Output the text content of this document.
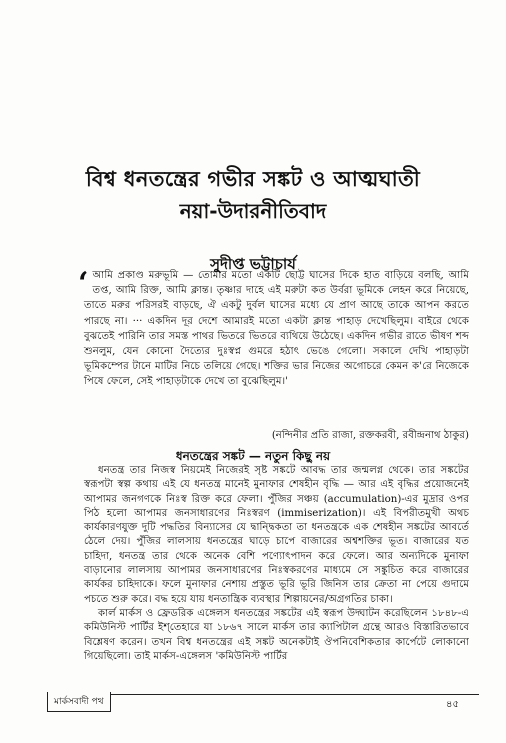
বিশ্ব ধনতন্ত্রের গভীর সঙ্কট ও আত্মঘাতী
নয়া-উদারনীতিবাদ
সুদীপ্ত ভট্টাচার্য
‘ আমি প্রকাণ্ড মরুভূমি — তোমার মতো একটি ছোট্ট ঘাসের দিকে হাত বাড়িয়ে বলছি, আমি তপ্ত, আমি রিক্ত, আমি ক্লান্ত। তৃষ্ণার দাহে এই মরুটা কত উর্বরা ভূমিকে লেহন করে নিয়েছে, তাতে মরুর পরিসরই বাড়ছে, ঐ একটু দুর্বল ঘাসের মধ্যে যে প্রাণ আছে তাকে আপন করতে পারছে না। ··· একদিন দূর দেশে আমারই মতো একটা ক্লান্ত পাহাড় দেখেছিলুম। বাইরে থেকে বুঝতেই পারিনি তার সমস্ত পাথর ভিতরে ভিতরে ব্যথিয়ে উঠেছে। একদিন গভীর রাতে ভীষণ শব্দ শুনলুম, যেন কোনো দৈত্যের দুঃস্বপ্ন গুমরে হঠাৎ ভেঙে গেলো। সকালে দেখি পাহাড়টা ভূমিকম্পের টানে মাটির নিচে তলিয়ে গেছে। শক্তির ভার নিজের অগোচরে কেমন ক'রে নিজেকে পিষে ফেলে, সেই পাহাড়টাকে দেখে তা বুঝেছিলুম।'
(নন্দিনীর প্রতি রাজা, রক্তকরবী, রবীন্দ্রনাথ ঠাকুর)
ধনতন্ত্রের সঙ্কট — নতুন কিছু নয়

ধনতন্ত্র তার নিজস্ব নিয়মেই নিজেরই সৃষ্ট সঙ্কটে আবদ্ধ তার জন্মলগ্ন থেকে। তার সঙ্কটের স্বরূপটা স্বল্প কথায় এই যে ধনতন্ত্র মানেই মুনাফার শেষহীন বৃদ্ধি — আর এই বৃদ্ধির প্রয়োজনেই আপামর জনগণকে নিঃস্ব রিক্ত করে ফেলা। পুঁজির সঞ্চয় (accumulation)-এর মুদ্রার ওপর পিঠ হলো আপামর জনসাধারণের নিঃস্বরণ (immiserization)। এই বিপরীতমুখী অথচ কার্যকারণযুক্ত দুটি পদ্ধতির বিন্যাসের যে দ্বান্দ্বিকতা তা ধনতন্ত্রকে এক শেষহীন সঙ্কটের আবর্তে ঠেলে দেয়। পুঁজির লালসায় ধনতন্ত্রের ঘাড়ে চাপে বাজারের অশ্বশক্তির ভূত। বাজারের যত চাহিদা, ধনতন্ত্র তার থেকে অনেক বেশি পণ্যোৎপাদন করে ফেলে। আর অন্যদিকে মুনাফা বাড়ানোর লালসায় আপামর জনসাধারণের নিঃস্বকরণের মাধ্যমে সে সঙ্কুচিত করে বাজারের কার্যকর চাহিদাকে। ফলে মুনাফার নেশায় প্রস্তুত ভূরি ভূরি জিনিস তার ক্রেতা না পেয়ে গুদামে পচতে শুরু করে। বদ্ধ হয়ে যায় ধনতান্ত্রিক ব্যবস্থার শিল্পায়নের/অগ্রগতির চাকা।

কার্ল মার্কস ও ফ্রেডরিক এঙ্গেলস ধনতন্ত্রের সঙ্কটের এই স্বরূপ উদ্ঘাটন করেছিলেন ১৮৪৮-এ কমিউনিস্ট পার্টির ইশ্‌তেহারে যা ১৮৬৭ সালে মার্কস তার ক্যাপিটাল গ্রন্থে আরও বিস্তারিতভাবে বিশ্লেষণ করেন। তখন বিশ্ব ধনতন্ত্রের এই সঙ্কট অনেকটাই ঔপনিবেশিকতার কার্পেটে লোকানো গিয়েছিলো। তাই মার্কস-এঙ্গেলস 'কমিউনিস্ট পার্টির

মার্কসবাদী পথ	৪৫
